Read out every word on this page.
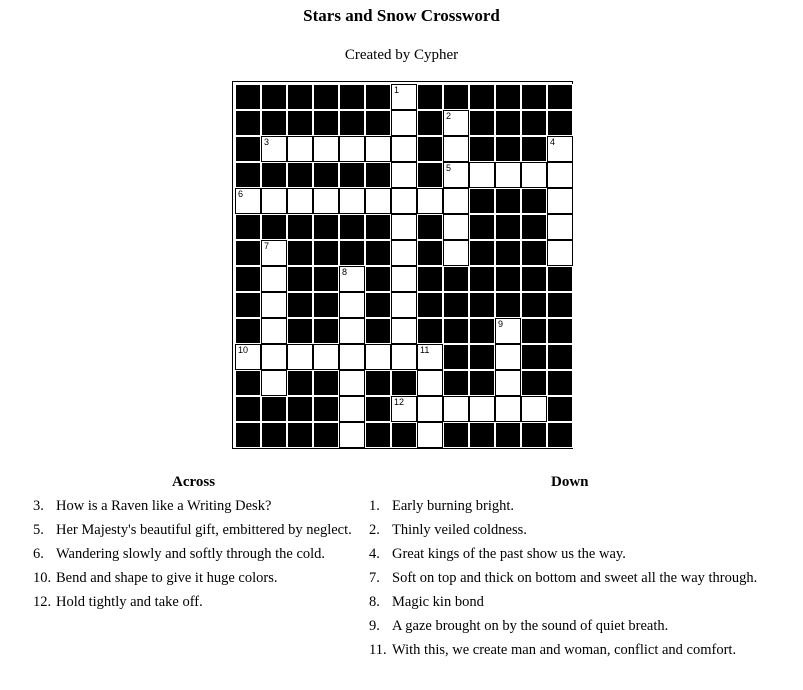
Stars and Snow Crossword
Created by Cypher
1
2
3	4
5
6
7
8
9
10	11
12
Across
3. How is a Raven like a Writing Desk?
5. Her Majesty's beautiful gift, embittered by neglect.
6. Wandering slowly and softly through the cold.
10. Bend and shape to give it huge colors.
12. Hold tightly and take off.
Down
1. Early burning bright.
2. Thinly veiled coldness.
4. Great kings of the past show us the way.
7. Soft on top and thick on bottom and sweet all the way through.
8. Magic kin bond
9. A gaze brought on by the sound of quiet breath.
11. With this, we create man and woman, conflict and comfort.
